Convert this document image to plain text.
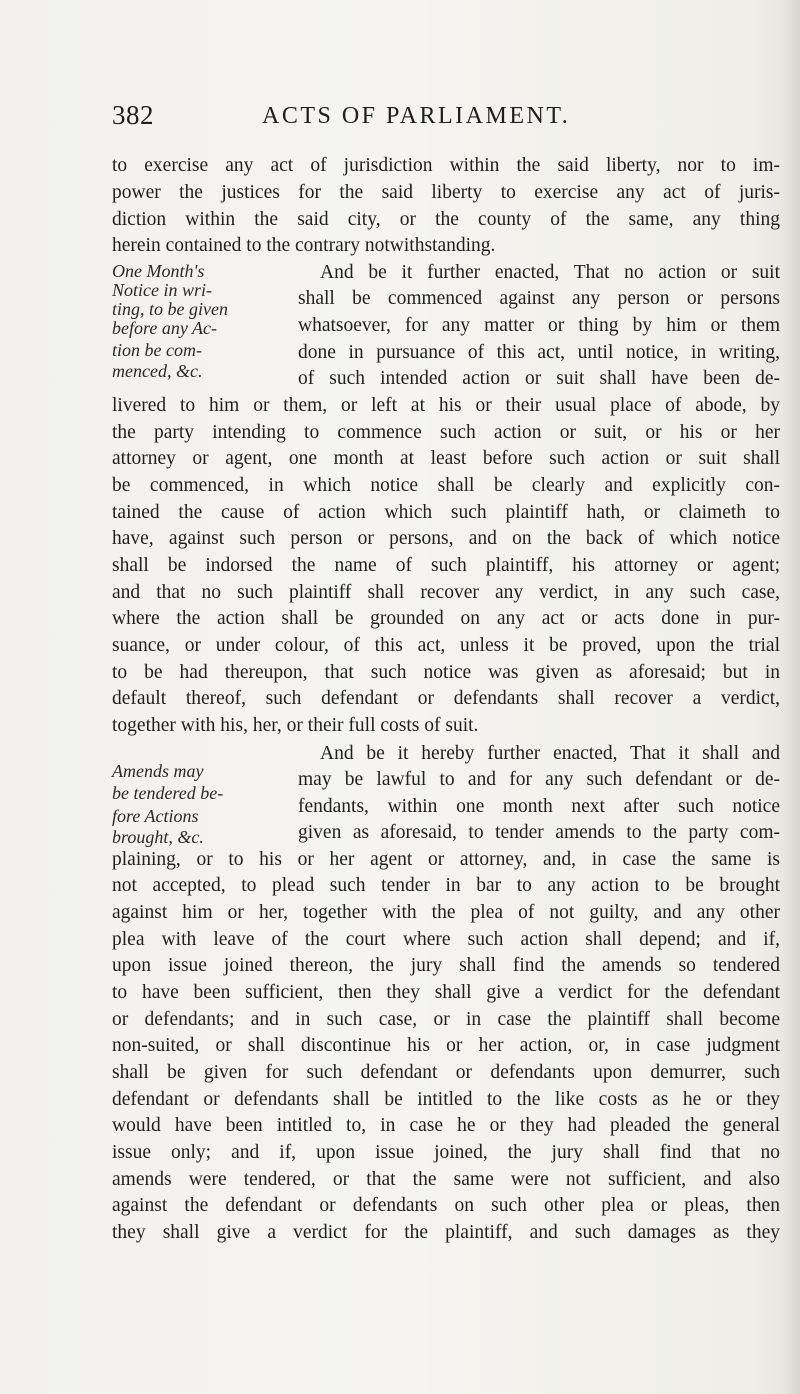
382	ACTS OF PARLIAMENT.
to exercise any act of jurisdiction within the said liberty, nor to im-
power the justices for the said liberty to exercise any act of juris-
diction within the said city, or the county of the same, any thing
herein contained to the contrary notwithstanding.
One Month's
Notice in wri-
ting, to be given
before any Ac-
tion be com-
menced, &c.
And be it further enacted, That no action or suit
shall be commenced against any person or persons
whatsoever, for any matter or thing by him or them
done in pursuance of this act, until notice, in writing,
of such intended action or suit shall have been de-
livered to him or them, or left at his or their usual place of abode, by
the party intending to commence such action or suit, or his or her
attorney or agent, one month at least before such action or suit shall
be commenced, in which notice shall be clearly and explicitly con-
tained the cause of action which such plaintiff hath, or claimeth to
have, against such person or persons, and on the back of which notice
shall be indorsed the name of such plaintiff, his attorney or agent;
and that no such plaintiff shall recover any verdict, in any such case,
where the action shall be grounded on any act or acts done in pur-
suance, or under colour, of this act, unless it be proved, upon the trial
to be had thereupon, that such notice was given as aforesaid; but in
default thereof, such defendant or defendants shall recover a verdict,
together with his, her, or their full costs of suit.
Amends may
be tendered be-
fore Actions
brought, &c.
And be it hereby further enacted, That it shall and
may be lawful to and for any such defendant or de-
fendants, within one month next after such notice
given as aforesaid, to tender amends to the party com-
plaining, or to his or her agent or attorney, and, in case the same is
not accepted, to plead such tender in bar to any action to be brought
against him or her, together with the plea of not guilty, and any other
plea with leave of the court where such action shall depend; and if,
upon issue joined thereon, the jury shall find the amends so tendered
to have been sufficient, then they shall give a verdict for the defendant
or defendants; and in such case, or in case the plaintiff shall become
non-suited, or shall discontinue his or her action, or, in case judgment
shall be given for such defendant or defendants upon demurrer, such
defendant or defendants shall be intitled to the like costs as he or they
would have been intitled to, in case he or they had pleaded the general
issue only; and if, upon issue joined, the jury shall find that no
amends were tendered, or that the same were not sufficient, and also
against the defendant or defendants on such other plea or pleas, then
they shall give a verdict for the plaintiff, and such damages as they
